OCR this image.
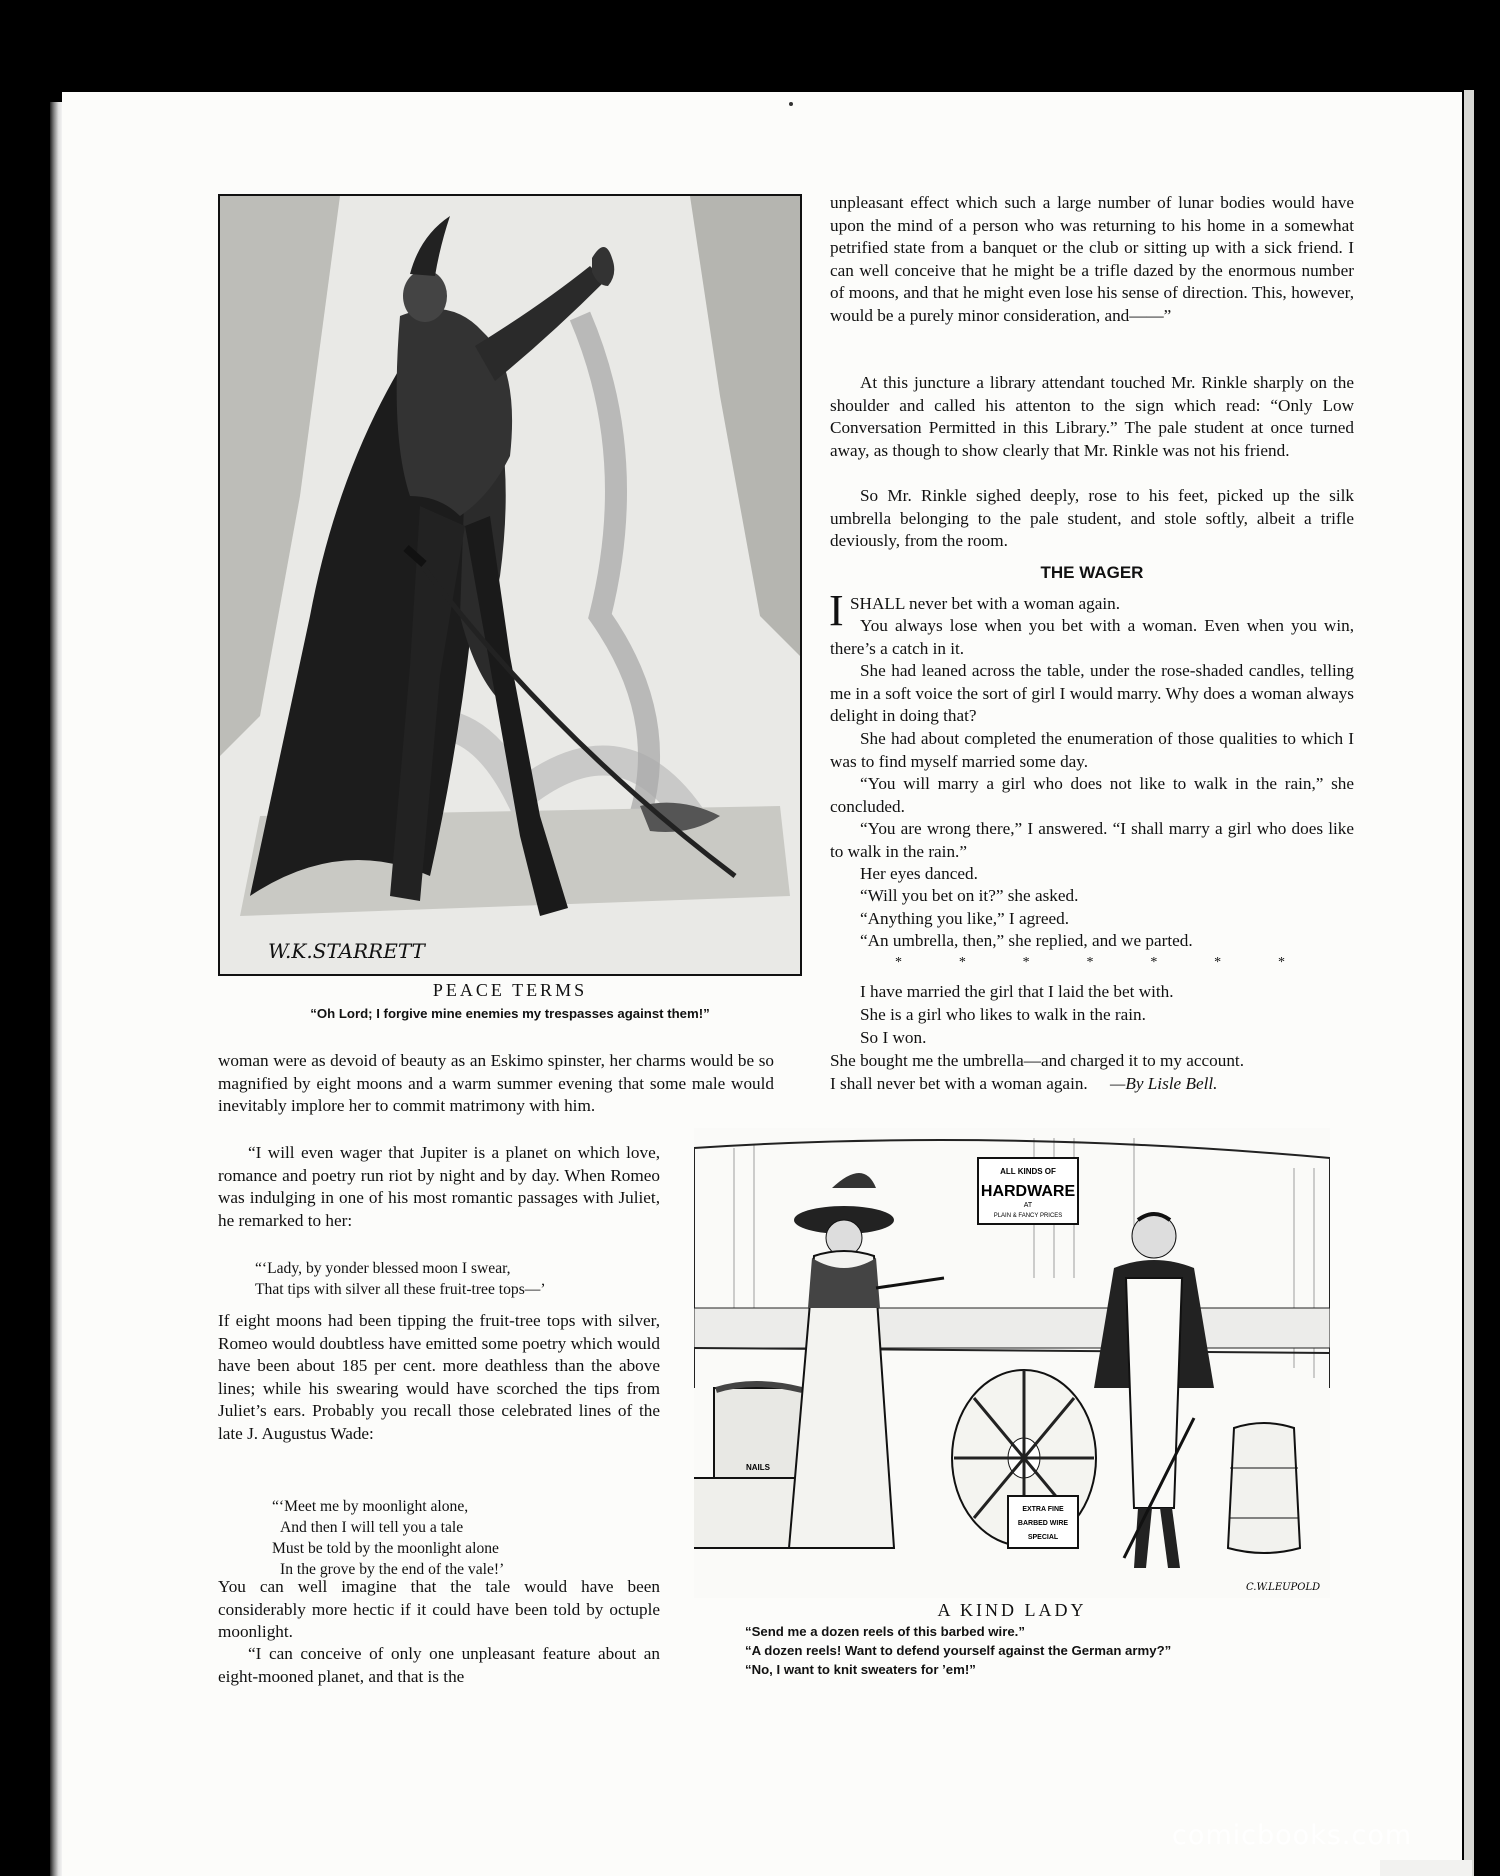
W.K.STARRETT
PEACE TERMS
“Oh Lord; I forgive mine enemies my trespasses against them!”

unpleasant effect which such a large number of lunar bodies would have upon the mind of a person who was returning to his home in a somewhat petrified state from a banquet or the club or sitting up with a sick friend. I can well conceive that he might be a trifle dazed by the enormous number of moons, and that he might even lose his sense of direction. This, however, would be a purely minor consideration, and——”

At this juncture a library attendant touched Mr. Rinkle sharply on the shoulder and called his attenton to the sign which read: “Only Low Conversation Permitted in this Library.” The pale student at once turned away, as though to show clearly that Mr. Rinkle was not his friend.

So Mr. Rinkle sighed deeply, rose to his feet, picked up the silk umbrella belonging to the pale student, and stole softly, albeit a trifle deviously, from the room.

THE WAGER
I SHALL never bet with a woman again.

You always lose when you bet with a woman. Even when you win, there’s a catch in it.

She had leaned across the table, under the rose-shaded candles, telling me in a soft voice the sort of girl I would marry. Why does a woman always delight in doing that?

She had about completed the enumeration of those qualities to which I was to find myself married some day.

“You will marry a girl who does not like to walk in the rain,” she concluded.

“You are wrong there,” I answered. “I shall marry a girl who does like to walk in the rain.”

Her eyes danced.

“Will you bet on it?” she asked.

“Anything you like,” I agreed.

“An umbrella, then,” she replied, and we parted.

*	*	*	*	*	*	*

I have married the girl that I laid the bet with.

She is a girl who likes to walk in the rain.

So I won.

She bought me the umbrella—and charged it to my account.

I shall never bet with a woman again. —By Lisle Bell.

woman were as devoid of beauty as an Eskimo spinster, her charms would be so magnified by eight moons and a warm summer evening that some male would inevitably implore her to commit matrimony with him.

“I will even wager that Jupiter is a planet on which love, romance and poetry run riot by night and by day. When Romeo was indulging in one of his most romantic passages with Juliet, he remarked to her:

“‘Lady, by yonder blessed moon I swear,
That tips with silver all these fruit-tree tops—’

If eight moons had been tipping the fruit-tree tops with silver, Romeo would doubtless have emitted some poetry which would have been about 185 per cent. more deathless than the above lines; while his swearing would have scorched the tips from Juliet’s ears. Probably you recall those celebrated lines of the late J. Augustus Wade:

“‘Meet me by moonlight alone,
And then I will tell you a tale
Must be told by the moonlight alone
In the grove by the end of the vale!’

You can well imagine that the tale would have been considerably more hectic if it could have been told by octuple moonlight.

“I can conceive of only one unpleasant feature about an eight-mooned planet, and that is the

ALL KINDS OF
HARDWARE
AT
PLAIN & FANCY PRICES
NAILS
EXTRA FINE
BARBED WIRE
SPECIAL
C.W.LEUPOLD
A KIND LADY
“Send me a dozen reels of this barbed wire.”
“A dozen reels! Want to defend yourself against the German army?”
“No, I want to knit sweaters for ’em!”
comicbooks.com
